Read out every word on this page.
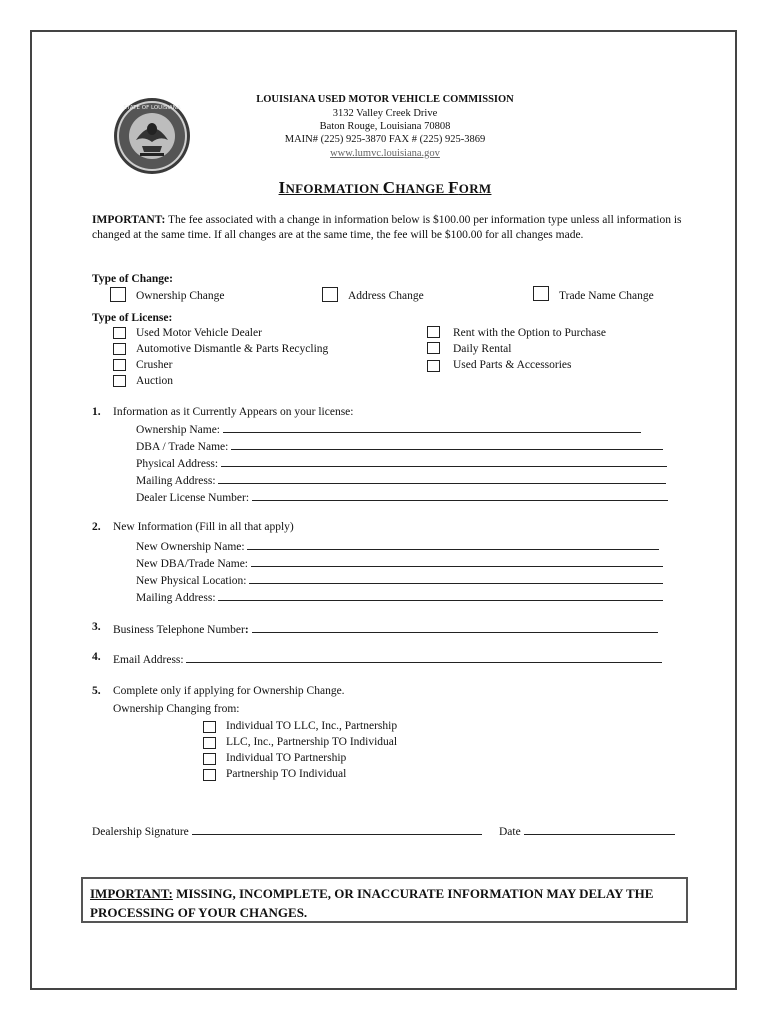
STATE OF LOUISIANA
LOUISIANA USED MOTOR VEHICLE COMMISSION
3132 Valley Creek Drive
Baton Rouge, Louisiana 70808
MAIN# (225) 925-3870 FAX # (225) 925-3869
www.lumvc.louisiana.gov
INFORMATION CHANGE FORM
IMPORTANT: The fee associated with a change in information below is $100.00 per information type unless all information is changed at the same time. If all changes are at the same time, the fee will be $100.00 for all changes made.
Type of Change:
Ownership Change	Address Change	Trade Name Change
Type of License:
Used Motor Vehicle Dealer
Automotive Dismantle & Parts Recycling
Crusher
Auction
Rent with the Option to Purchase
Daily Rental
Used Parts & Accessories
1. Information as it Currently Appears on your license:
Ownership Name:
DBA / Trade Name:
Physical Address:
Mailing Address:
Dealer License Number:
2. New Information (Fill in all that apply)
New Ownership Name:
New DBA/Trade Name:
New Physical Location:
Mailing Address:
3. Business Telephone Number:
4. Email Address:
5. Complete only if applying for Ownership Change.
Ownership Changing from:
Individual TO LLC, Inc., Partnership
LLC, Inc., Partnership TO Individual
Individual TO Partnership
Partnership TO Individual
Dealership Signature	Date
IMPORTANT: MISSING, INCOMPLETE, OR INACCURATE INFORMATION MAY DELAY THE PROCESSING OF YOUR CHANGES.
